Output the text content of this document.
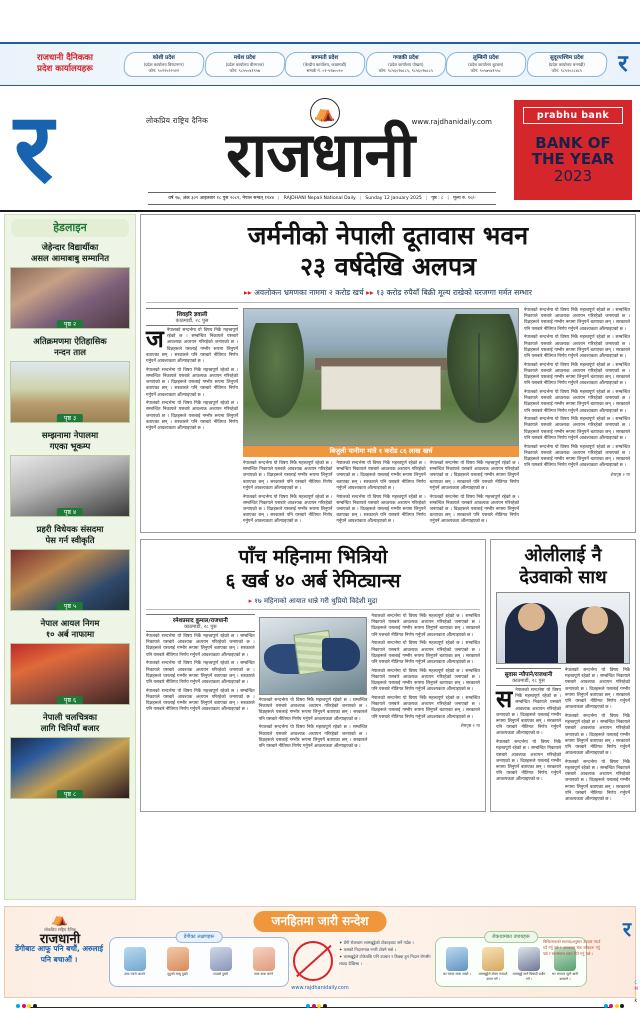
राजधानी दैनिकका
प्रदेश कार्यालयहरू
कोशी प्रदेश
(प्रदेश कार्यालय विराटनगर)
फोन: ९०२१५२२५२२
मधेश प्रदेश
(प्रदेश कार्यालय वीरगञ्ज)
फोन: ९८५५०४१९५७
बागमती प्रदेश
(केन्द्रीय कार्यालय, काठमाडौं)
सम्पर्क नं. ०१-५२७००१०
गण्डकी प्रदेश
(प्रदेश कार्यालय पोखरा)
फोन: ९८५६०२७८८५, ९८५६०२७८८५
लुम्बिनी प्रदेश
(प्रदेश कार्यालय बुटवल)
फोन: ९०५७५४१५५८
सुदूरपश्चिम प्रदेश
(प्रदेश कार्यालय धनगढी)
फोन: ९८५१०८८४८५	र
र	लोकप्रिय राष्ट्रिय दैनिक	⛺	www.rajdhanidaily.com
राजधानी
वर्ष २७, अंक ३०९ आइतबार २८ पुस २०८१, नेपाल सम्वत् ११४४ | RAJDHANI Nepali National Daily | Sunday 12 January 2025 | पृष्ठ : ८ | मूल्य रु. १०/-
prabhu bank
BANK OF
THE YEAR
2023
हेडलाइन
जेहेन्दार विद्यार्थीका
असल आमाबाबु सम्मानित
पृष्ठ २
अतिक्रमणमा ऐतिहासिक
नन्दन ताल
पृष्ठ ३
सम्झनामा नेपालमा
गएका भूकम्प
पृष्ठ ४
प्रहरी विधेयक संसदमा
पेस गर्न स्वीकृति
पृष्ठ ५
नेपाल आयल निगम
१० अर्ब नाफामा
पृष्ठ ६
नेपाली चलचित्रका
लागि चिनियाँ बजार
पृष्ठ ८
जर्मनीको नेपाली दूतावास भवन
२३ वर्षदेखि अलपत्र
▸▸ अवलोकन भ्रमणका नाममा २ करोड खर्च ▸▸ १३ करोड रुपैयाँ बिक्री मूल्य राखेको घरजग्गा मर्मत सम्भार
शिवहरि ज्ञवाली
काठमाडौं, २८ पुस

जनेपालको सन्दर्भमा यो विषय निकै महत्त्वपूर्ण रहेको छ । सम्बन्धित निकायले यसबारे आवश्यक अध्ययन गरिरहेको जनाएको छ । विज्ञहरूले यसलाई गम्भीर रूपमा लिनुपर्ने बताएका छन् । सरकारले पनि यसबारे नीतिगत निर्णय गर्नुपर्ने आवश्यकता औंल्याइएको छ ।

नेपालको सन्दर्भमा यो विषय निकै महत्त्वपूर्ण रहेको छ । सम्बन्धित निकायले यसबारे आवश्यक अध्ययन गरिरहेको जनाएको छ । विज्ञहरूले यसलाई गम्भीर रूपमा लिनुपर्ने बताएका छन् । सरकारले पनि यसबारे नीतिगत निर्णय गर्नुपर्ने आवश्यकता औंल्याइएको छ ।

नेपालको सन्दर्भमा यो विषय निकै महत्त्वपूर्ण रहेको छ । सम्बन्धित निकायले यसबारे आवश्यक अध्ययन गरिरहेको जनाएको छ । विज्ञहरूले यसलाई गम्भीर रूपमा लिनुपर्ने बताएका छन् । सरकारले पनि यसबारे नीतिगत निर्णय गर्नुपर्ने आवश्यकता औंल्याइएको छ ।

बिजुली पानीमा मात्रै १ करोड ८६ लाख खर्च

नेपालको सन्दर्भमा यो विषय निकै महत्त्वपूर्ण रहेको छ । सम्बन्धित निकायले यसबारे आवश्यक अध्ययन गरिरहेको जनाएको छ । विज्ञहरूले यसलाई गम्भीर रूपमा लिनुपर्ने बताएका छन् । सरकारले पनि यसबारे नीतिगत निर्णय गर्नुपर्ने आवश्यकता औंल्याइएको छ ।

नेपालको सन्दर्भमा यो विषय निकै महत्त्वपूर्ण रहेको छ । सम्बन्धित निकायले यसबारे आवश्यक अध्ययन गरिरहेको जनाएको छ । विज्ञहरूले यसलाई गम्भीर रूपमा लिनुपर्ने बताएका छन् । सरकारले पनि यसबारे नीतिगत निर्णय गर्नुपर्ने आवश्यकता औंल्याइएको छ ।

नेपालको सन्दर्भमा यो विषय निकै महत्त्वपूर्ण रहेको छ । सम्बन्धित निकायले यसबारे आवश्यक अध्ययन गरिरहेको जनाएको छ । विज्ञहरूले यसलाई गम्भीर रूपमा लिनुपर्ने बताएका छन् । सरकारले पनि यसबारे नीतिगत निर्णय गर्नुपर्ने आवश्यकता औंल्याइएको छ ।

नेपालको सन्दर्भमा यो विषय निकै महत्त्वपूर्ण रहेको छ । सम्बन्धित निकायले यसबारे आवश्यक अध्ययन गरिरहेको जनाएको छ । विज्ञहरूले यसलाई गम्भीर रूपमा लिनुपर्ने बताएका छन् । सरकारले पनि यसबारे नीतिगत निर्णय गर्नुपर्ने आवश्यकता औंल्याइएको छ ।

नेपालको सन्दर्भमा यो विषय निकै महत्त्वपूर्ण रहेको छ । सम्बन्धित निकायले यसबारे आवश्यक अध्ययन गरिरहेको जनाएको छ । विज्ञहरूले यसलाई गम्भीर रूपमा लिनुपर्ने बताएका छन् । सरकारले पनि यसबारे नीतिगत निर्णय गर्नुपर्ने आवश्यकता औंल्याइएको छ ।

नेपालको सन्दर्भमा यो विषय निकै महत्त्वपूर्ण रहेको छ । सम्बन्धित निकायले यसबारे आवश्यक अध्ययन गरिरहेको जनाएको छ । विज्ञहरूले यसलाई गम्भीर रूपमा लिनुपर्ने बताएका छन् । सरकारले पनि यसबारे नीतिगत निर्णय गर्नुपर्ने आवश्यकता औंल्याइएको छ ।

नेपालको सन्दर्भमा यो विषय निकै महत्त्वपूर्ण रहेको छ । सम्बन्धित निकायले यसबारे आवश्यक अध्ययन गरिरहेको जनाएको छ । विज्ञहरूले यसलाई गम्भीर रूपमा लिनुपर्ने बताएका छन् । सरकारले पनि यसबारे नीतिगत निर्णय गर्नुपर्ने आवश्यकता औंल्याइएको छ ।

नेपालको सन्दर्भमा यो विषय निकै महत्त्वपूर्ण रहेको छ । सम्बन्धित निकायले यसबारे आवश्यक अध्ययन गरिरहेको जनाएको छ । विज्ञहरूले यसलाई गम्भीर रूपमा लिनुपर्ने बताएका छन् । सरकारले पनि यसबारे नीतिगत निर्णय गर्नुपर्ने आवश्यकता औंल्याइएको छ ।

नेपालको सन्दर्भमा यो विषय निकै महत्त्वपूर्ण रहेको छ । सम्बन्धित निकायले यसबारे आवश्यक अध्ययन गरिरहेको जनाएको छ । विज्ञहरूले यसलाई गम्भीर रूपमा लिनुपर्ने बताएका छन् । सरकारले पनि यसबारे नीतिगत निर्णय गर्नुपर्ने आवश्यकता औंल्याइएको छ ।

नेपालको सन्दर्भमा यो विषय निकै महत्त्वपूर्ण रहेको छ । सम्बन्धित निकायले यसबारे आवश्यक अध्ययन गरिरहेको जनाएको छ । विज्ञहरूले यसलाई गम्भीर रूपमा लिनुपर्ने बताएका छन् । सरकारले पनि यसबारे नीतिगत निर्णय गर्नुपर्ने आवश्यकता औंल्याइएको छ ।

नेपालको सन्दर्भमा यो विषय निकै महत्त्वपूर्ण रहेको छ । सम्बन्धित निकायले यसबारे आवश्यक अध्ययन गरिरहेको जनाएको छ । विज्ञहरूले यसलाई गम्भीर रूपमा लिनुपर्ने बताएका छन् । सरकारले पनि यसबारे नीतिगत निर्णय गर्नुपर्ने आवश्यकता औंल्याइएको छ ।

नेपालको सन्दर्भमा यो विषय निकै महत्त्वपूर्ण रहेको छ । सम्बन्धित निकायले यसबारे आवश्यक अध्ययन गरिरहेको जनाएको छ । विज्ञहरूले यसलाई गम्भीर रूपमा लिनुपर्ने बताएका छन् । सरकारले पनि यसबारे नीतिगत निर्णय गर्नुपर्ने आवश्यकता औंल्याइएको छ ।

शेषपृष्ठ २ मा
पाँच महिनामा भित्रियो
६ खर्ब ४० अर्ब रेमिट्यान्स
▸ १७ महिनाको आयात धान्ने गरी थुप्रियो विदेशी मुद्रा
रमेशप्रसाद कुमाल/राजधानी
काठमाडौं, २८ पुस

नेपालको सन्दर्भमा यो विषय निकै महत्त्वपूर्ण रहेको छ । सम्बन्धित निकायले यसबारे आवश्यक अध्ययन गरिरहेको जनाएको छ । विज्ञहरूले यसलाई गम्भीर रूपमा लिनुपर्ने बताएका छन् । सरकारले पनि यसबारे नीतिगत निर्णय गर्नुपर्ने आवश्यकता औंल्याइएको छ ।

नेपालको सन्दर्भमा यो विषय निकै महत्त्वपूर्ण रहेको छ । सम्बन्धित निकायले यसबारे आवश्यक अध्ययन गरिरहेको जनाएको छ । विज्ञहरूले यसलाई गम्भीर रूपमा लिनुपर्ने बताएका छन् । सरकारले पनि यसबारे नीतिगत निर्णय गर्नुपर्ने आवश्यकता औंल्याइएको छ ।

नेपालको सन्दर्भमा यो विषय निकै महत्त्वपूर्ण रहेको छ । सम्बन्धित निकायले यसबारे आवश्यक अध्ययन गरिरहेको जनाएको छ । विज्ञहरूले यसलाई गम्भीर रूपमा लिनुपर्ने बताएका छन् । सरकारले पनि यसबारे नीतिगत निर्णय गर्नुपर्ने आवश्यकता औंल्याइएको छ ।

नेपालको सन्दर्भमा यो विषय निकै महत्त्वपूर्ण रहेको छ । सम्बन्धित निकायले यसबारे आवश्यक अध्ययन गरिरहेको जनाएको छ । विज्ञहरूले यसलाई गम्भीर रूपमा लिनुपर्ने बताएका छन् । सरकारले पनि यसबारे नीतिगत निर्णय गर्नुपर्ने आवश्यकता औंल्याइएको छ ।

नेपालको सन्दर्भमा यो विषय निकै महत्त्वपूर्ण रहेको छ । सम्बन्धित निकायले यसबारे आवश्यक अध्ययन गरिरहेको जनाएको छ । विज्ञहरूले यसलाई गम्भीर रूपमा लिनुपर्ने बताएका छन् । सरकारले पनि यसबारे नीतिगत निर्णय गर्नुपर्ने आवश्यकता औंल्याइएको छ ।

नेपालको सन्दर्भमा यो विषय निकै महत्त्वपूर्ण रहेको छ । सम्बन्धित निकायले यसबारे आवश्यक अध्ययन गरिरहेको जनाएको छ । विज्ञहरूले यसलाई गम्भीर रूपमा लिनुपर्ने बताएका छन् । सरकारले पनि यसबारे नीतिगत निर्णय गर्नुपर्ने आवश्यकता औंल्याइएको छ ।

नेपालको सन्दर्भमा यो विषय निकै महत्त्वपूर्ण रहेको छ । सम्बन्धित निकायले यसबारे आवश्यक अध्ययन गरिरहेको जनाएको छ । विज्ञहरूले यसलाई गम्भीर रूपमा लिनुपर्ने बताएका छन् । सरकारले पनि यसबारे नीतिगत निर्णय गर्नुपर्ने आवश्यकता औंल्याइएको छ ।

नेपालको सन्दर्भमा यो विषय निकै महत्त्वपूर्ण रहेको छ । सम्बन्धित निकायले यसबारे आवश्यक अध्ययन गरिरहेको जनाएको छ । विज्ञहरूले यसलाई गम्भीर रूपमा लिनुपर्ने बताएका छन् । सरकारले पनि यसबारे नीतिगत निर्णय गर्नुपर्ने आवश्यकता औंल्याइएको छ ।

नेपालको सन्दर्भमा यो विषय निकै महत्त्वपूर्ण रहेको छ । सम्बन्धित निकायले यसबारे आवश्यक अध्ययन गरिरहेको जनाएको छ । विज्ञहरूले यसलाई गम्भीर रूपमा लिनुपर्ने बताएका छन् । सरकारले पनि यसबारे नीतिगत निर्णय गर्नुपर्ने आवश्यकता औंल्याइएको छ ।

शेषपृष्ठ २ मा
ओलीलाई नै
देउवाको साथ
सुवास न्यौपाने/राजधानी
काठमाडौं, २८ पुस

सनेपालको सन्दर्भमा यो विषय निकै महत्त्वपूर्ण रहेको छ । सम्बन्धित निकायले यसबारे आवश्यक अध्ययन गरिरहेको जनाएको छ । विज्ञहरूले यसलाई गम्भीर रूपमा लिनुपर्ने बताएका छन् । सरकारले पनि यसबारे नीतिगत निर्णय गर्नुपर्ने आवश्यकता औंल्याइएको छ ।

नेपालको सन्दर्भमा यो विषय निकै महत्त्वपूर्ण रहेको छ । सम्बन्धित निकायले यसबारे आवश्यक अध्ययन गरिरहेको जनाएको छ । विज्ञहरूले यसलाई गम्भीर रूपमा लिनुपर्ने बताएका छन् । सरकारले पनि यसबारे नीतिगत निर्णय गर्नुपर्ने आवश्यकता औंल्याइएको छ ।

नेपालको सन्दर्भमा यो विषय निकै महत्त्वपूर्ण रहेको छ । सम्बन्धित निकायले यसबारे आवश्यक अध्ययन गरिरहेको जनाएको छ । विज्ञहरूले यसलाई गम्भीर रूपमा लिनुपर्ने बताएका छन् । सरकारले पनि यसबारे नीतिगत निर्णय गर्नुपर्ने आवश्यकता औंल्याइएको छ ।

नेपालको सन्दर्भमा यो विषय निकै महत्त्वपूर्ण रहेको छ । सम्बन्धित निकायले यसबारे आवश्यक अध्ययन गरिरहेको जनाएको छ । विज्ञहरूले यसलाई गम्भीर रूपमा लिनुपर्ने बताएका छन् । सरकारले पनि यसबारे नीतिगत निर्णय गर्नुपर्ने आवश्यकता औंल्याइएको छ ।

नेपालको सन्दर्भमा यो विषय निकै महत्त्वपूर्ण रहेको छ । सम्बन्धित निकायले यसबारे आवश्यक अध्ययन गरिरहेको जनाएको छ । विज्ञहरूले यसलाई गम्भीर रूपमा लिनुपर्ने बताएका छन् । सरकारले पनि यसबारे नीतिगत निर्णय गर्नुपर्ने आवश्यकता औंल्याइएको छ ।

⛺
लोकप्रिय राष्ट्रिय दैनिक
राजधानी
डेंगीबाट आफू पनि बचौं, अरुलाई पनि बचाऔं ।
जनहितमा जारी सन्देश
डेंगीका लक्षणहरू
उच्च ज्वरो आउने	मुटुको मासु दुख्ने	टाउको दुख्ने	वाक वाक लाग्ने
✦ डेंगी रोकथाम लामखुट्टेको टोकाइबाट सर्ने गर्दछ ।
✦ यसको निदानमात्र नगरी टोक्ने गर्छ ।
✦ लामखुट्टेले टोकेपछि पनि उपचार र ठिक्क हुन निदान रोगसँग लडाइ देखिन्छ ।
रोकथामका उपायहरू
घर वरपर सफा राख्ने ।	लामखुट्टेले टोक्न नपाउने उपाय गर्ने ।
लामखुट्टे मार्ने बिषादी प्रयोग गर्ने ।
भर लगाएर सुत्ने बानी बसाल्ने ।
चिकित्सकको सल्लाहअनुसार उपचार गराउँ गर्दै गर्नु पर्छ र आवश्यक चेक जाँचहरू गर्नु पर्छ र स्वास्थ्यमा ध्यान दिने गर्नु पर्छ ।
र
www.rajdhanidaily.com
C
M
Y
K
